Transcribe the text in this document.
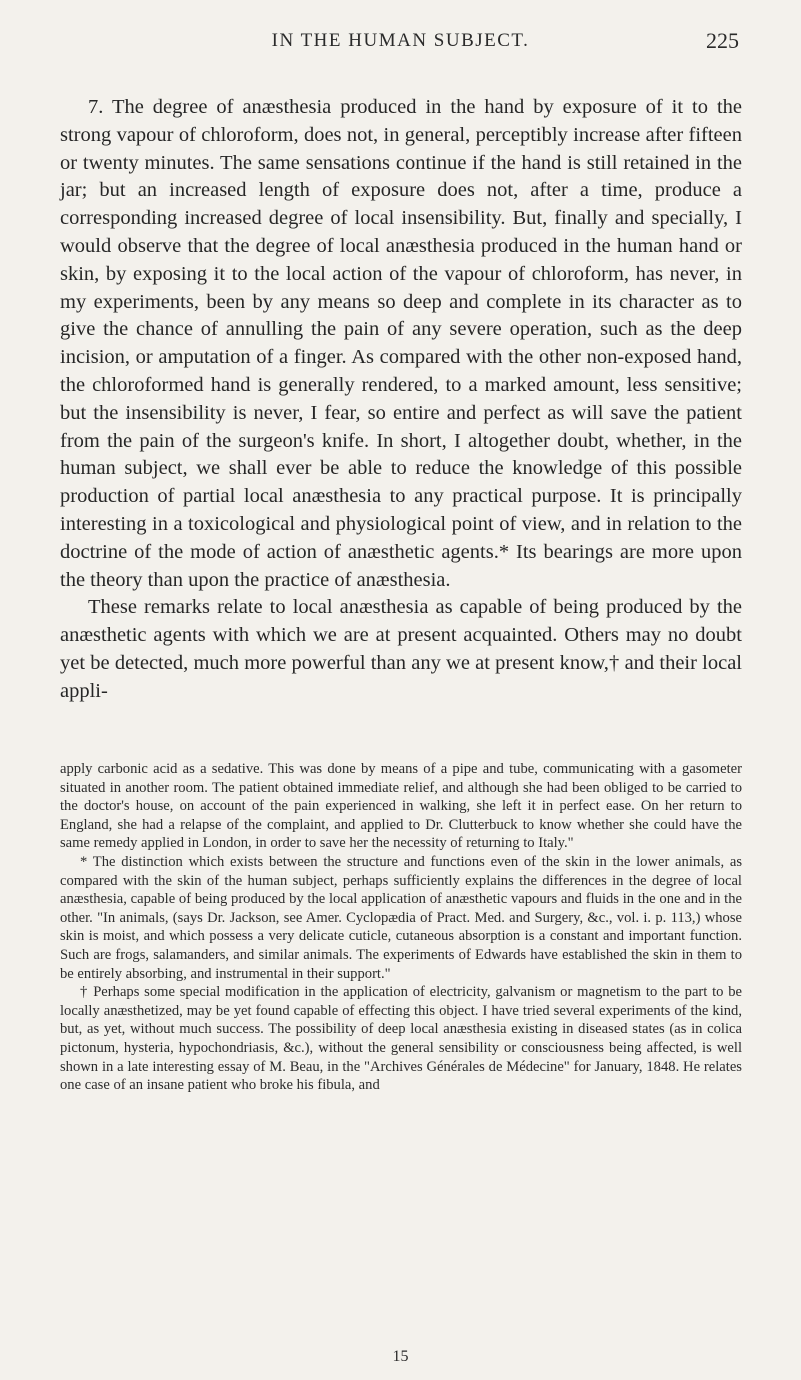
IN THE HUMAN SUBJECT.	225

7. The degree of anæsthesia produced in the hand by exposure of it to the strong vapour of chloroform, does not, in general, perceptibly increase after fifteen or twenty minutes. The same sensations continue if the hand is still retained in the jar; but an increased length of exposure does not, after a time, produce a corresponding increased degree of local insensibility. But, finally and specially, I would observe that the degree of local anæsthesia produced in the human hand or skin, by exposing it to the local action of the vapour of chloroform, has never, in my experiments, been by any means so deep and complete in its character as to give the chance of annulling the pain of any severe operation, such as the deep incision, or amputation of a finger. As compared with the other non-exposed hand, the chloroformed hand is generally rendered, to a marked amount, less sensitive; but the insensibility is never, I fear, so entire and perfect as will save the patient from the pain of the surgeon's knife. In short, I altogether doubt, whether, in the human subject, we shall ever be able to reduce the knowledge of this possible production of partial local anæsthesia to any practical purpose. It is principally interesting in a toxicological and physiological point of view, and in relation to the doctrine of the mode of action of anæsthetic agents.* Its bearings are more upon the theory than upon the practice of anæsthesia.

These remarks relate to local anæsthesia as capable of being produced by the anæsthetic agents with which we are at present acquainted. Others may no doubt yet be detected, much more powerful than any we at present know,† and their local appli-

apply carbonic acid as a sedative. This was done by means of a pipe and tube, communicating with a gasometer situated in another room. The patient obtained immediate relief, and although she had been obliged to be carried to the doctor's house, on account of the pain experienced in walking, she left it in perfect ease. On her return to England, she had a relapse of the complaint, and applied to Dr. Clutterbuck to know whether she could have the same remedy applied in London, in order to save her the necessity of returning to Italy."

* The distinction which exists between the structure and functions even of the skin in the lower animals, as compared with the skin of the human subject, perhaps sufficiently explains the differences in the degree of local anæsthesia, capable of being produced by the local application of anæsthetic vapours and fluids in the one and in the other. "In animals, (says Dr. Jackson, see Amer. Cyclopædia of Pract. Med. and Surgery, &c., vol. i. p. 113,) whose skin is moist, and which possess a very delicate cuticle, cutaneous absorption is a constant and important function. Such are frogs, salamanders, and similar animals. The experiments of Edwards have established the skin in them to be entirely absorbing, and instrumental in their support."

† Perhaps some special modification in the application of electricity, galvanism or magnetism to the part to be locally anæsthetized, may be yet found capable of effecting this object. I have tried several experiments of the kind, but, as yet, without much success. The possibility of deep local anæsthesia existing in diseased states (as in colica pictonum, hysteria, hypochondriasis, &c.), without the general sensibility or consciousness being affected, is well shown in a late interesting essay of M. Beau, in the "Archives Générales de Médecine" for January, 1848. He relates one case of an insane patient who broke his fibula, and

15
